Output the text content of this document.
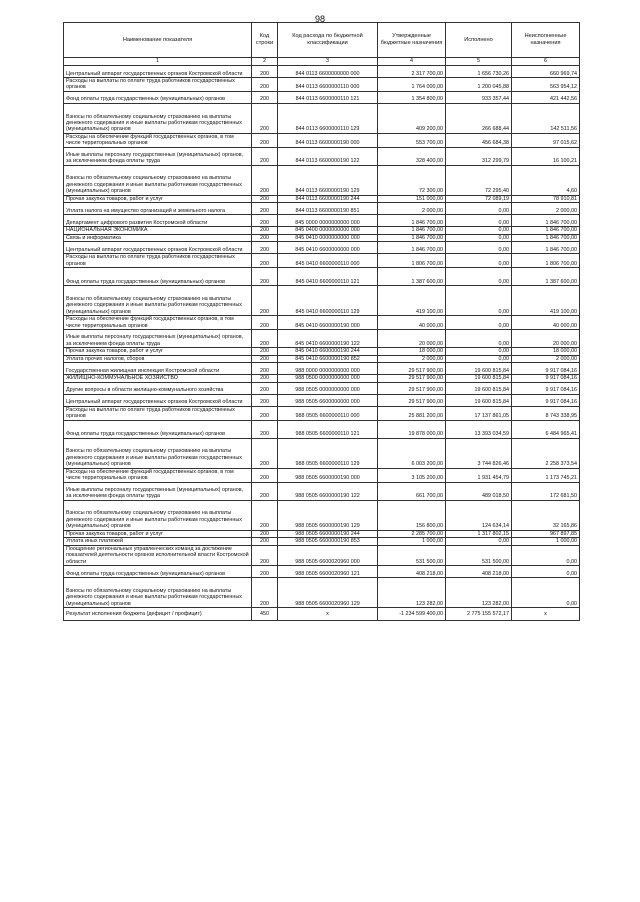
98
Наименование показателя	Код строки	Код расхода по бюджетной классификации	Утвержденные бюджетные назначения	Исполнено	Неисполненные назначения
1	2	3	4	5	6
Центральный аппарат государственных органов Костромской области	200	844 0113 6600000000 000	2 317 700,00	1 656 730,26	660 969,74
Расходы на выплаты по оплате труда работников государственных органов	200	844 0113 6600000110 000	1 764 000,00	1 200 045,88	563 954,12
Фонд оплаты труда государственных (муниципальных) органов	200	844 0113 6600000110 121	1 354 800,00	933 357,44	421 442,56
Взносы по обязательному социальному страхованию на выплаты денежного содержания и иные выплаты работникам государственных (муниципальных) органов	200	844 0113 6600000110 129	409 200,00	266 688,44	142 511,56
Расходы на обеспечение функций государственных органов, в том числе территориальных органов	200	844 0113 6600000190 000	553 700,00	456 684,38	97 015,62
Иные выплаты персоналу государственных (муниципальных) органов, за исключением фонда оплаты труда	200	844 0113 6600000190 122	328 400,00	312 299,79	16 100,21
Взносы по обязательному социальному страхованию на выплаты денежного содержания и иные выплаты работникам государственных (муниципальных) органов	200	844 0113 6600000190 129	72 300,00	72 295,40	4,60
Прочая закупка товаров, работ и услуг	200	844 0113 6600000190 244	151 000,00	72 089,19	78 910,81
Уплата налога на имущество организаций и земельного налога	200	844 0113 6600000190 851	2 000,00	0,00	2 000,00
Департамент цифрового развития Костромской области	200	845 0000 0000000000 000	1 846 700,00	0,00	1 846 700,00
НАЦИОНАЛЬНАЯ ЭКОНОМИКА	200	845 0400 0000000000 000	1 846 700,00	0,00	1 846 700,00
Связь и информатика	200	845 0410 0000000000 000	1 846 700,00	0,00	1 846 700,00
Центральный аппарат государственных органов Костромской области	200	845 0410 6600000000 000	1 846 700,00	0,00	1 846 700,00
Расходы на выплаты по оплате труда работников государственных органов	200	845 0410 6600000110 000	1 806 700,00	0,00	1 806 700,00
Фонд оплаты труда государственных (муниципальных) органов	200	845 0410 6600000110 121	1 387 600,00	0,00	1 387 600,00
Взносы по обязательному социальному страхованию на выплаты денежного содержания и иные выплаты работникам государственных (муниципальных) органов	200	845 0410 6600000110 129	419 100,00	0,00	419 100,00
Расходы на обеспечение функций государственных органов, в том числе территориальных органов	200	845 0410 6600000190 000	40 000,00	0,00	40 000,00
Иные выплаты персоналу государственных (муниципальных) органов, за исключением фонда оплаты труда	200	845 0410 6600000190 122	20 000,00	0,00	20 000,00
Прочая закупка товаров, работ и услуг	200	845 0410 6600000190 244	18 000,00	0,00	18 000,00
Уплата прочих налогов, сборов	200	845 0410 6600000190 852	2 000,00	0,00	2 000,00
Государственная жилищная инспекция Костромской области	200	988 0000 0000000000 000	29 517 900,00	19 600 815,84	9 917 084,16
ЖИЛИЩНО-КОММУНАЛЬНОЕ ХОЗЯЙСТВО	200	988 0500 0000000000 000	29 517 900,00	19 600 815,84	9 917 084,16
Другие вопросы в области жилищно-коммунального хозяйства	200	988 0505 0000000000 000	29 517 900,00	19 600 815,84	9 917 084,16
Центральный аппарат государственных органов Костромской области	200	988 0505 6600000000 000	29 517 900,00	19 600 815,84	9 917 084,16
Расходы на выплаты по оплате труда работников государственных органов	200	988 0505 6600000110 000	25 881 200,00	17 137 861,05	8 743 338,95
Фонд оплаты труда государственных (муниципальных) органов	200	988 0505 6600000110 121	19 878 000,00	13 393 034,59	6 484 965,41
Взносы по обязательному социальному страхованию на выплаты денежного содержания и иные выплаты работникам государственных (муниципальных) органов	200	988 0505 6600000110 129	6 003 200,00	3 744 826,46	2 258 373,54
Расходы на обеспечение функций государственных органов, в том числе территориальных органов	200	988 0505 6600000190 000	3 105 200,00	1 931 454,79	1 173 745,21
Иные выплаты персоналу государственных (муниципальных) органов, за исключением фонда оплаты труда	200	988 0505 6600000190 122	661 700,00	489 018,50	172 681,50
Взносы по обязательному социальному страхованию на выплаты денежного содержания и иные выплаты работникам государственных (муниципальных) органов	200	988 0505 6600000190 129	156 800,00	124 634,14	32 165,86
Прочая закупка товаров, работ и услуг	200	988 0505 6600000190 244	2 285 700,00	1 317 802,15	967 897,85
Уплата иных платежей	200	988 0505 6600000190 853	1 000,00	0,00	1 000,00
Поощрение региональных управленческих команд за достижение показателей деятельности органов исполнительной власти Костромской области	200	988 0505 6600020960 000	531 500,00	531 500,00	0,00
Фонд оплаты труда государственных (муниципальных) органов	200	988 0505 6600020960 121	408 218,00	408 218,00	0,00
Взносы по обязательному социальному страхованию на выплаты денежного содержания и иные выплаты работникам государственных (муниципальных) органов	200	988 0505 6600020960 129	123 282,00	123 282,00	0,00
Результат исполнения бюджета (дефицит / профицит)	450	x	-1 234 599 400,00	2 775 155 572,17	x
